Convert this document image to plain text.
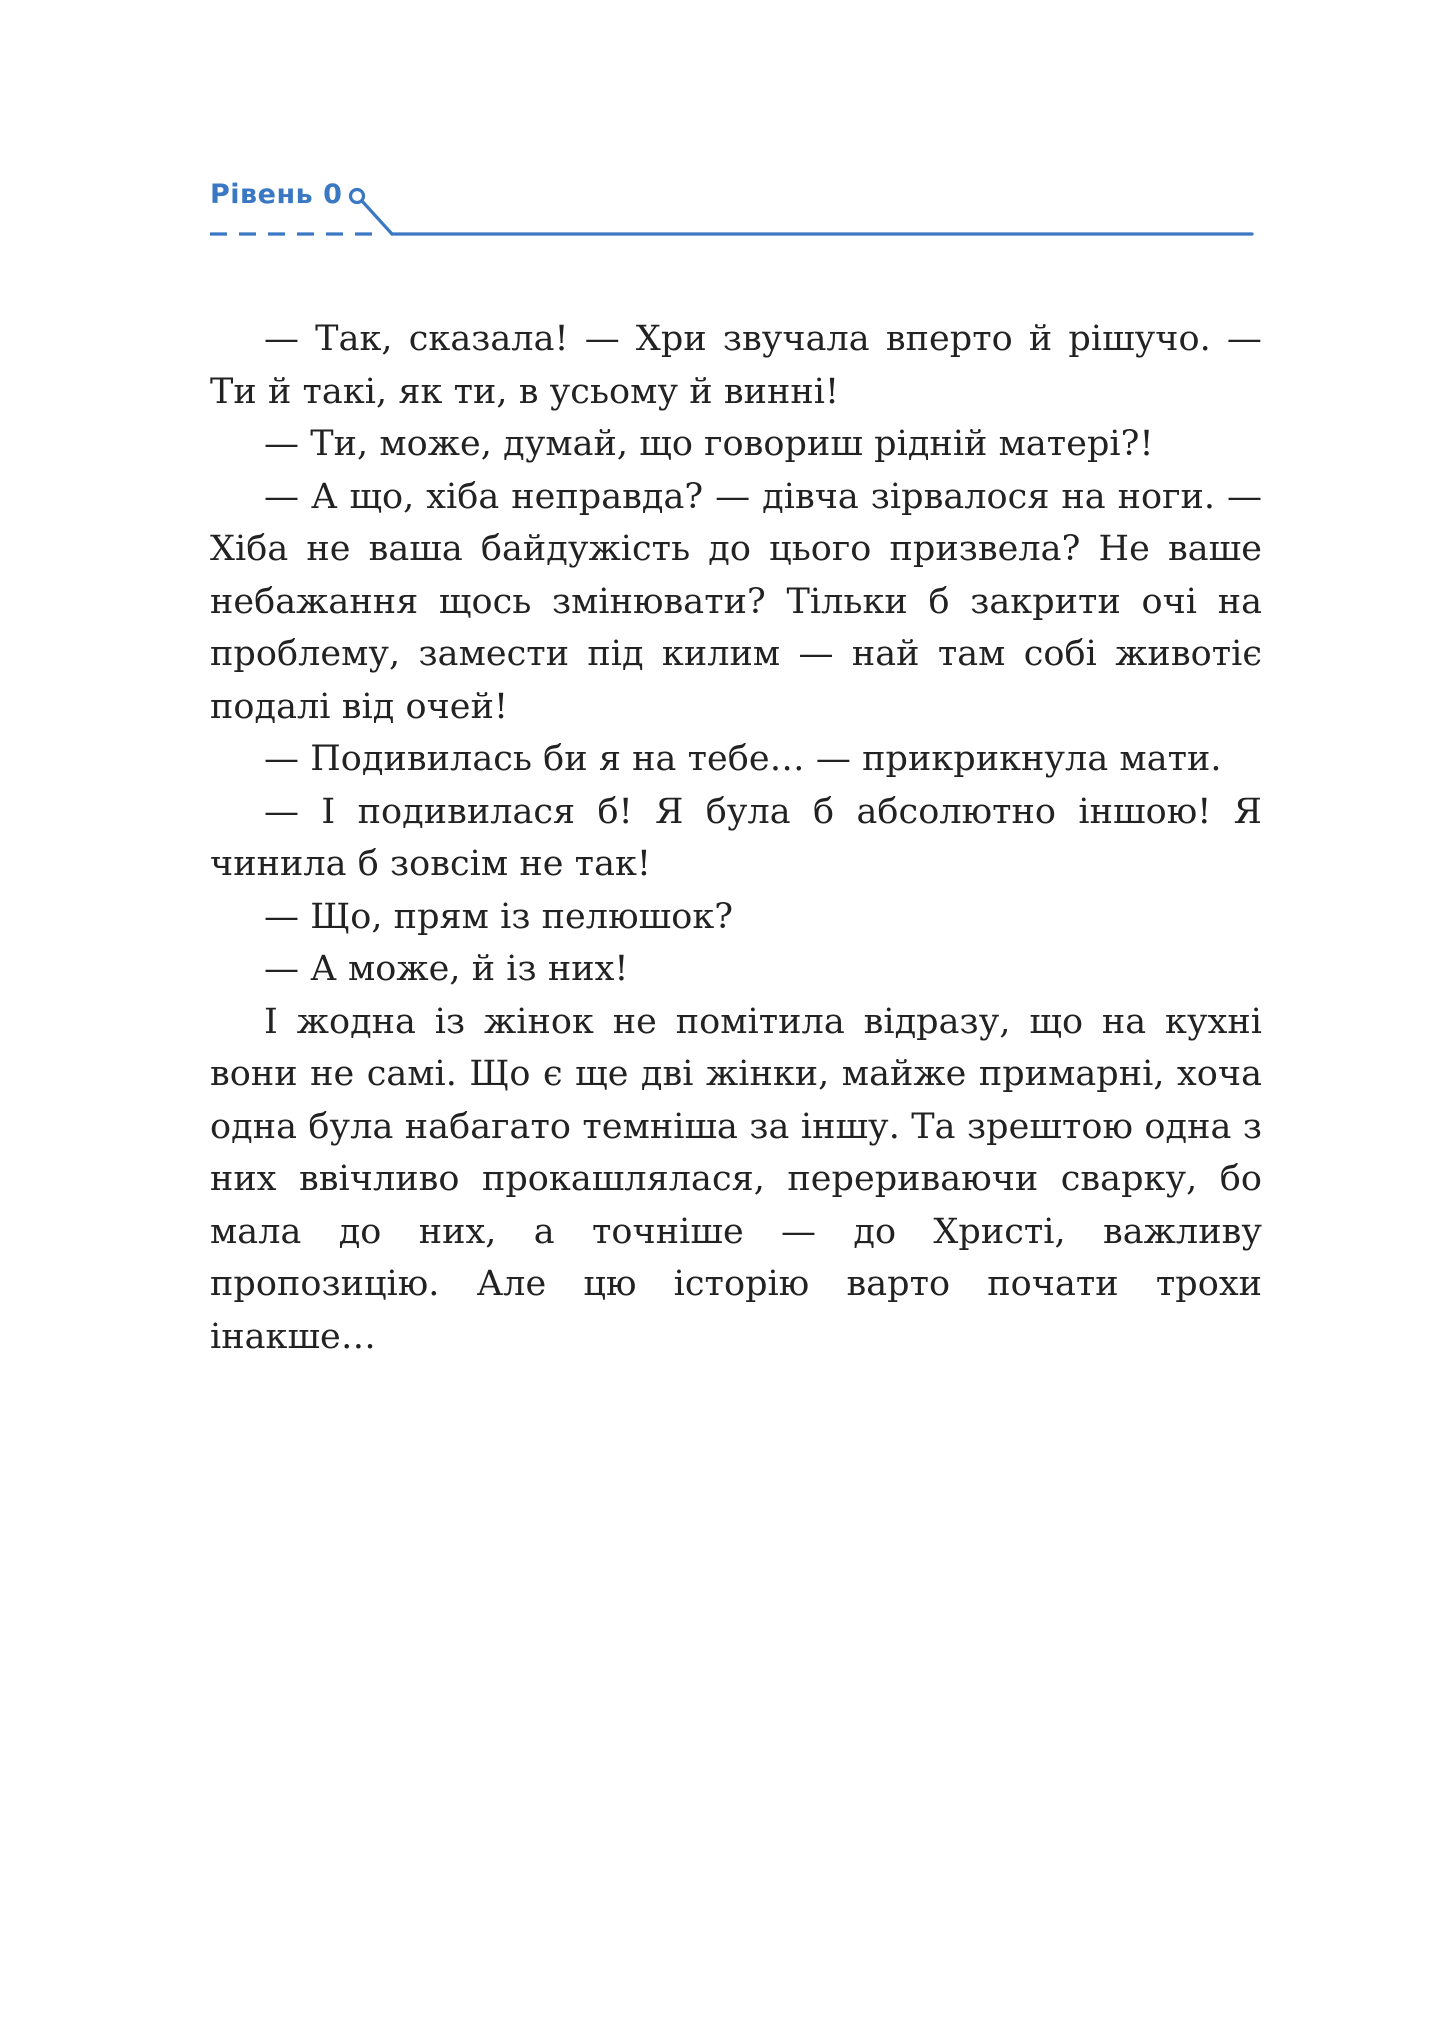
Рівень 0

— Так, сказала! — Хри звучала вперто й рішучо. — Ти й такі, як ти, в усьому й винні!

— Ти, може, думай, що говориш рідній матері?!

— А що, хіба неправда? — дівча зірвалося на ноги. — Хіба не ваша байдужість до цього призвела? Не ваше небажання щось змінювати? Тільки б закрити очі на проблему, замести під килим — най там собі животіє подалі від очей!

— Подивилась би я на тебе… — прикрикнула мати.

— І подивилася б! Я була б абсолютно іншою! Я чинила б зовсім не так!

— Що, прям із пелюшок?

— А може, й із них!

І жодна із жінок не помітила відразу, що на кухні вони не самі. Що є ще дві жінки, майже примарні, хоча одна була набагато темніша за іншу. Та зрештою одна з них ввічливо прокашлялася, перериваючи сварку, бо мала до них, а точніше — до Христі, важливу пропозицію. Але цю історію варто почати трохи інакше…
